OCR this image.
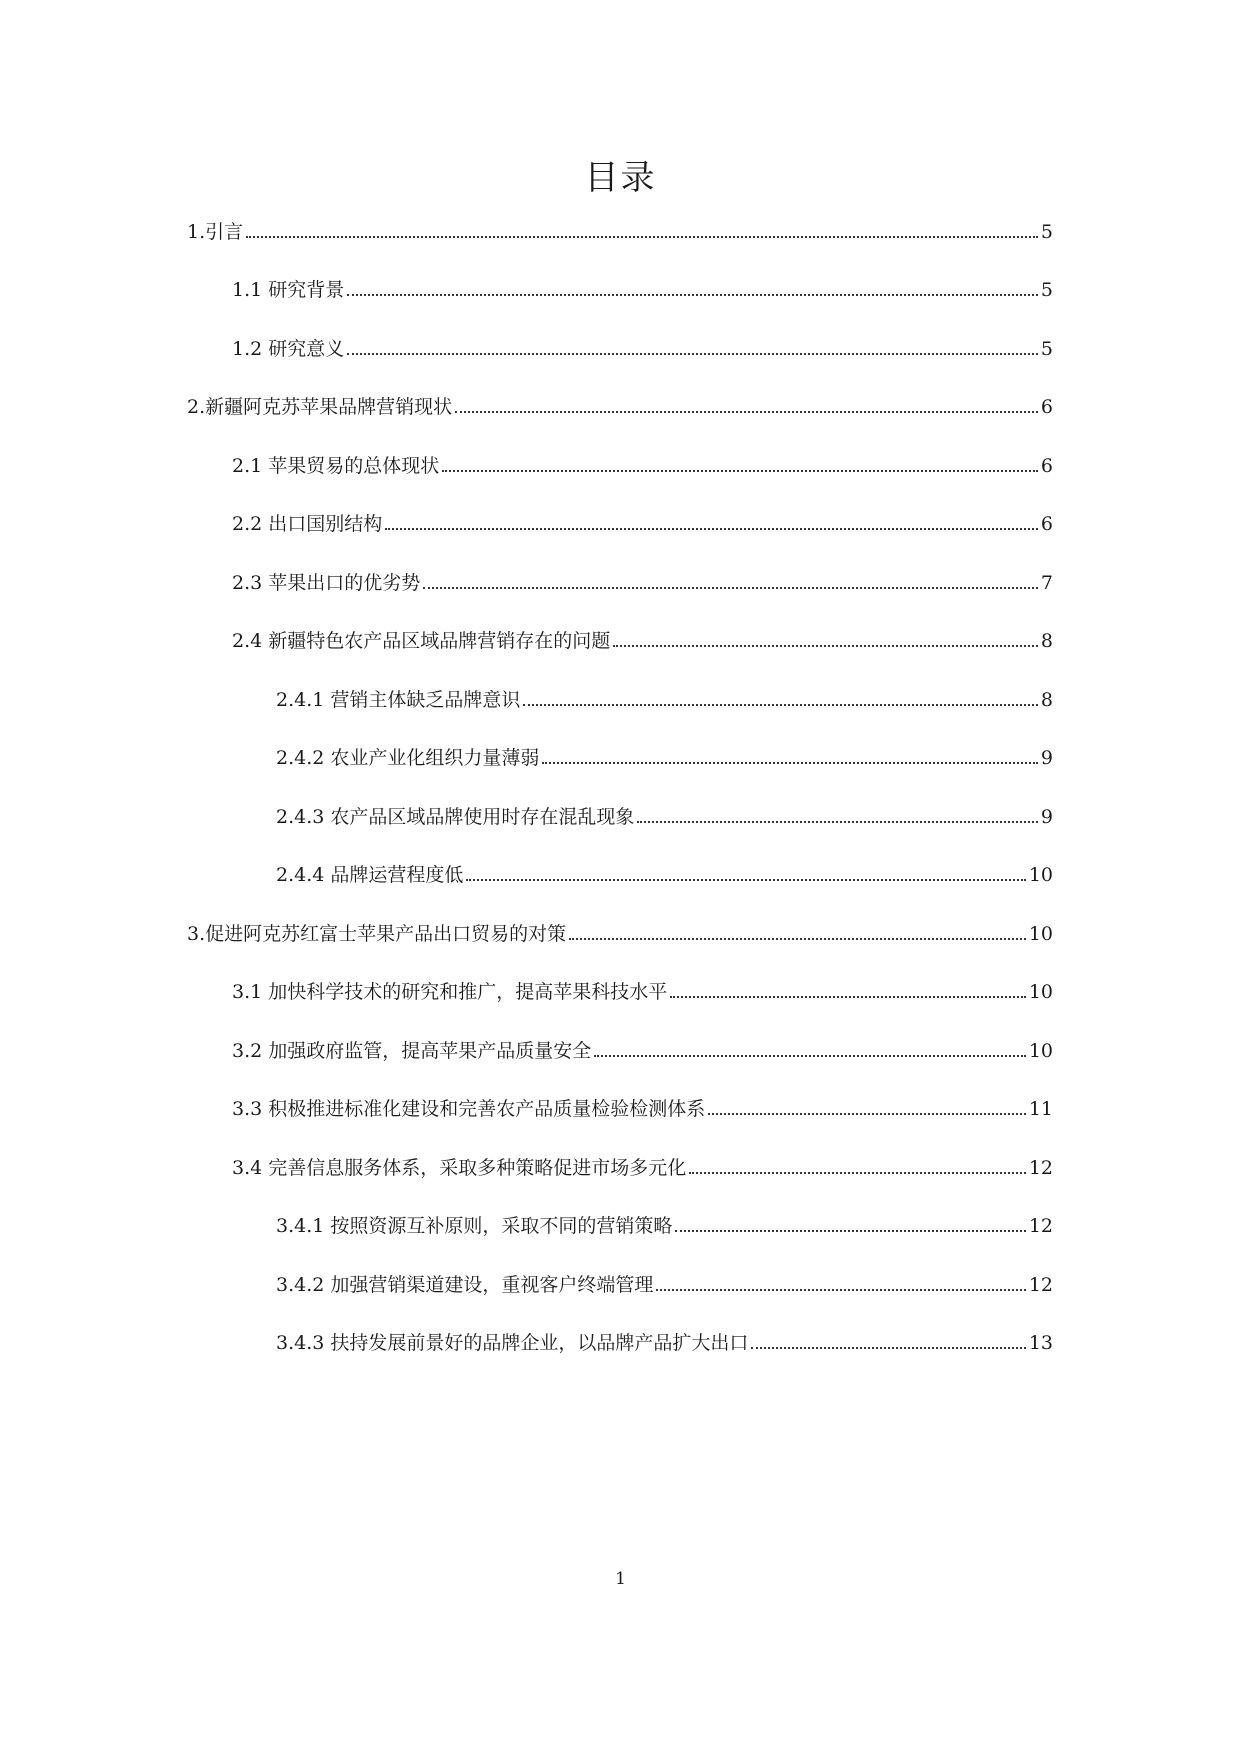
目录
1.引言	5
1.1 研究背景	5
1.2 研究意义	5
2.新疆阿克苏苹果品牌营销现状	6
2.1 苹果贸易的总体现状	6
2.2 出口国别结构	6
2.3 苹果出口的优劣势	7
2.4 新疆特色农产品区域品牌营销存在的问题	8
2.4.1 营销主体缺乏品牌意识	8
2.4.2 农业产业化组织力量薄弱	9
2.4.3 农产品区域品牌使用时存在混乱现象	9
2.4.4 品牌运营程度低	10
3.促进阿克苏红富士苹果产品出口贸易的对策	10
3.1 加快科学技术的研究和推广，提高苹果科技水平	10
3.2 加强政府监管，提高苹果产品质量安全	10
3.3 积极推进标准化建设和完善农产品质量检验检测体系	11
3.4 完善信息服务体系，采取多种策略促进市场多元化	12
3.4.1 按照资源互补原则，采取不同的营销策略	12
3.4.2 加强营销渠道建设，重视客户终端管理	12
3.4.3 扶持发展前景好的品牌企业，以品牌产品扩大出口	13
1
